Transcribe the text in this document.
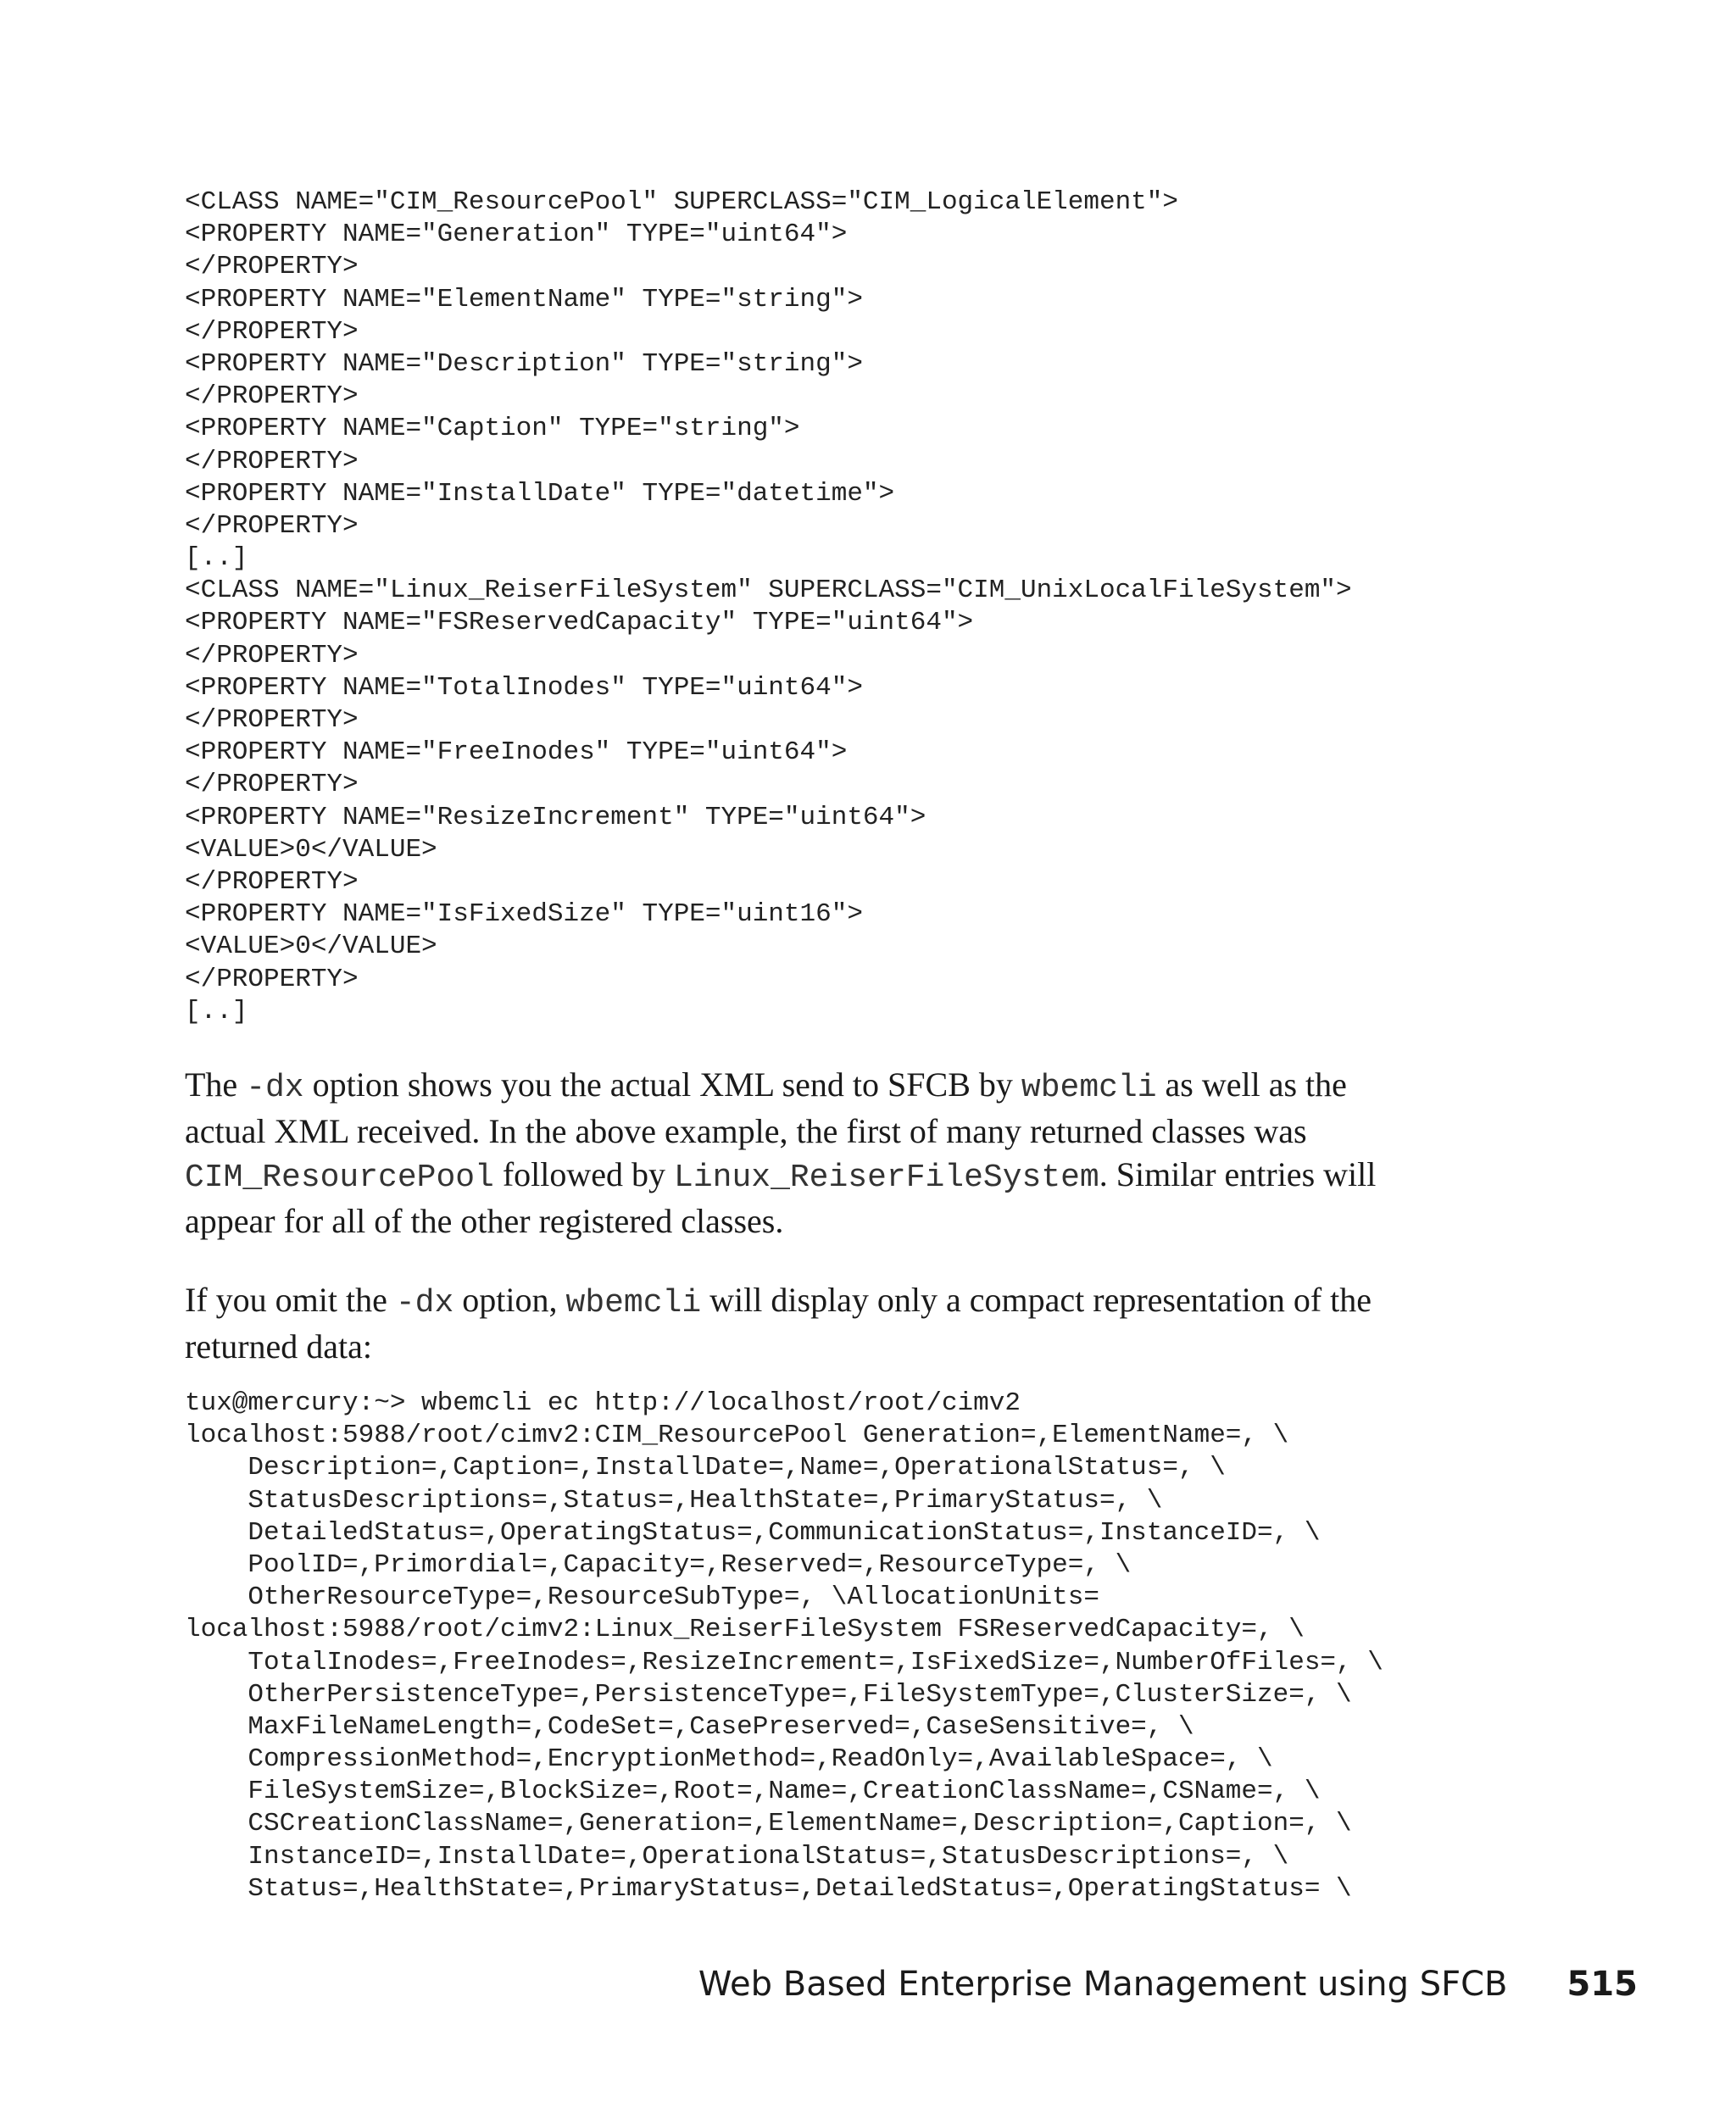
<CLASS NAME="CIM_ResourcePool" SUPERCLASS="CIM_LogicalElement">
<PROPERTY NAME="Generation" TYPE="uint64">
</PROPERTY>
<PROPERTY NAME="ElementName" TYPE="string">
</PROPERTY>
<PROPERTY NAME="Description" TYPE="string">
</PROPERTY>
<PROPERTY NAME="Caption" TYPE="string">
</PROPERTY>
<PROPERTY NAME="InstallDate" TYPE="datetime">
</PROPERTY>
[..]
<CLASS NAME="Linux_ReiserFileSystem" SUPERCLASS="CIM_UnixLocalFileSystem">
<PROPERTY NAME="FSReservedCapacity" TYPE="uint64">
</PROPERTY>
<PROPERTY NAME="TotalInodes" TYPE="uint64">
</PROPERTY>
<PROPERTY NAME="FreeInodes" TYPE="uint64">
</PROPERTY>
<PROPERTY NAME="ResizeIncrement" TYPE="uint64">
<VALUE>0</VALUE>
</PROPERTY>
<PROPERTY NAME="IsFixedSize" TYPE="uint16">
<VALUE>0</VALUE>
</PROPERTY>
[..]

The -dx option shows you the actual XML send to SFCB by wbemcli as well as the actual XML received. In the above example, the first of many returned classes was CIM_ResourcePool followed by Linux_ReiserFileSystem. Similar entries will appear for all of the other registered classes.

If you omit the -dx option, wbemcli will display only a compact representation of the returned data:

tux@mercury:~> wbemcli ec http://localhost/root/cimv2
localhost:5988/root/cimv2:CIM_ResourcePool Generation=,ElementName=, \
Description=,Caption=,InstallDate=,Name=,OperationalStatus=, \
StatusDescriptions=,Status=,HealthState=,PrimaryStatus=, \
DetailedStatus=,OperatingStatus=,CommunicationStatus=,InstanceID=, \
PoolID=,Primordial=,Capacity=,Reserved=,ResourceType=, \
OtherResourceType=,ResourceSubType=, \AllocationUnits=
localhost:5988/root/cimv2:Linux_ReiserFileSystem FSReservedCapacity=, \
TotalInodes=,FreeInodes=,ResizeIncrement=,IsFixedSize=,NumberOfFiles=, \
OtherPersistenceType=,PersistenceType=,FileSystemType=,ClusterSize=, \
MaxFileNameLength=,CodeSet=,CasePreserved=,CaseSensitive=, \
CompressionMethod=,EncryptionMethod=,ReadOnly=,AvailableSpace=, \
FileSystemSize=,BlockSize=,Root=,Name=,CreationClassName=,CSName=, \
CSCreationClassName=,Generation=,ElementName=,Description=,Caption=, \
InstanceID=,InstallDate=,OperationalStatus=,StatusDescriptions=, \
Status=,HealthState=,PrimaryStatus=,DetailedStatus=,OperatingStatus= \
Web Based Enterprise Management using SFCB 515
